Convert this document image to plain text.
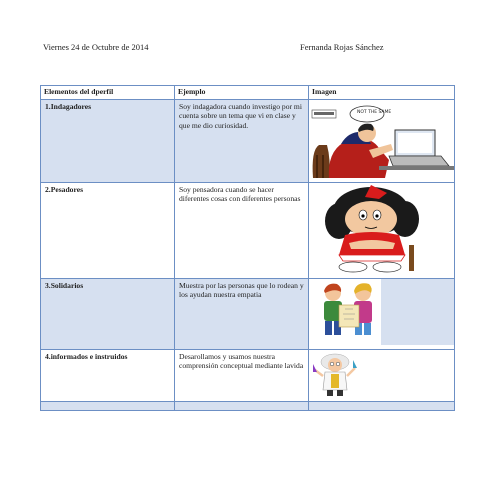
Viernes 24 de Octubre de 2014	Fernanda Rojas Sánchez
Elementos del dperfil	Ejemplo	Imagen
1.Indagadores	Soy indagadora cuando investigo por mi cuenta sobre un tema que vi en clase y que me dio curiosidad.	NOT THE SAME

2.Pesadores	Soy pensadora cuando se hacer diferentes cosas con diferentes personas	

3.Solidarios	Muestra por las personas que lo rodean y los ayudan nuestra empatia	

4.informados e instruidos	Desarollamos y usamos nuestra comprensión conceptual mediante lavida	
